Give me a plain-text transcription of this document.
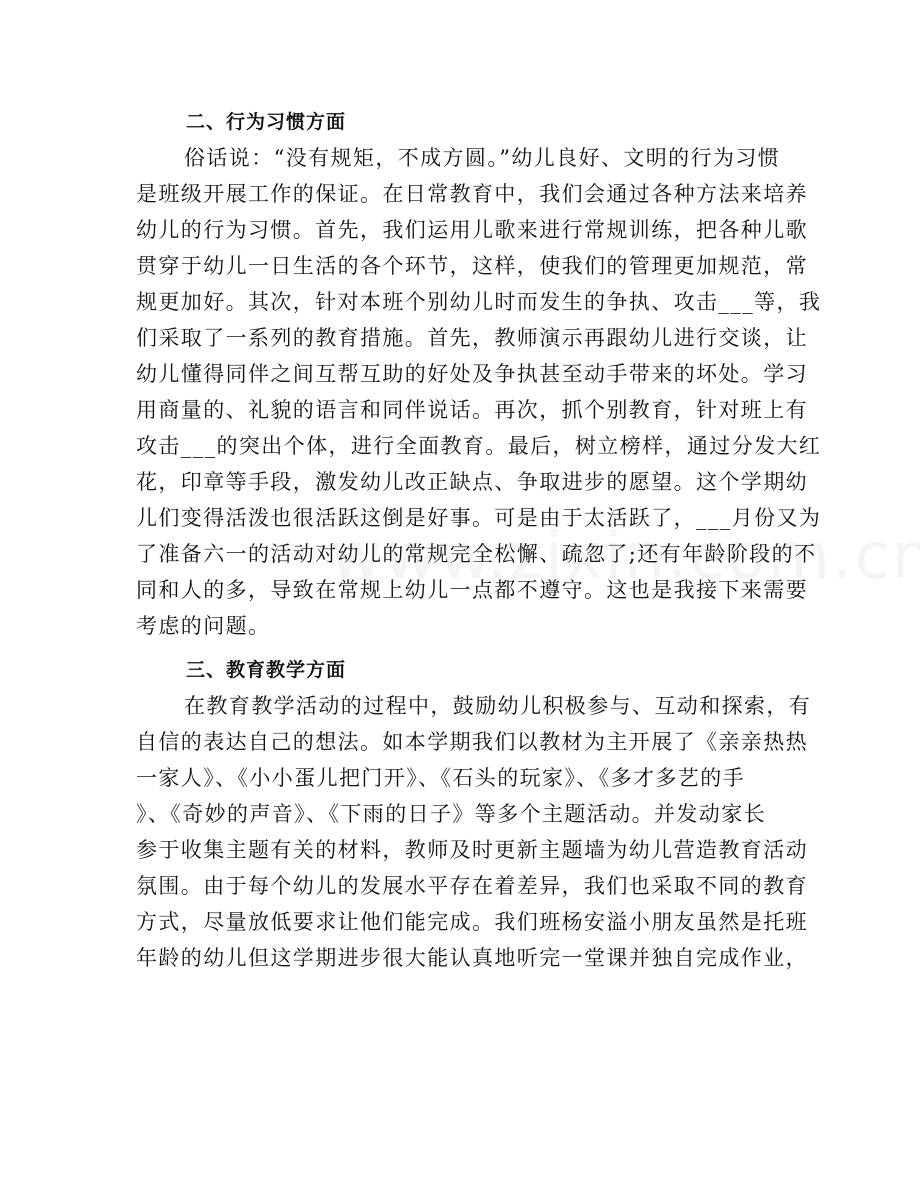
二、行为习惯方面
俗话说：“没有规矩，不成方圆。”幼儿良好、文明的行为习惯
是班级开展工作的保证。在日常教育中，我们会通过各种方法来培养
幼儿的行为习惯。首先，我们运用儿歌来进行常规训练，把各种儿歌
贯穿于幼儿一日生活的各个环节，这样，使我们的管理更加规范，常
规更加好。其次，针对本班个别幼儿时而发生的争执、攻击___等，我
们采取了一系列的教育措施。首先，教师演示再跟幼儿进行交谈，让
幼儿懂得同伴之间互帮互助的好处及争执甚至动手带来的坏处。学习
用商量的、礼貌的语言和同伴说话。再次，抓个别教育，针对班上有
攻击___的突出个体，进行全面教育。最后，树立榜样，通过分发大红
花，印章等手段，激发幼儿改正缺点、争取进步的愿望。这个学期幼
儿们变得活泼也很活跃这倒是好事。可是由于太活跃了，___月份又为
了准备六一的活动对幼儿的常规完全松懈、疏忽了;还有年龄阶段的不
同和人的多，导致在常规上幼儿一点都不遵守。这也是我接下来需要
考虑的问题。
三、教育教学方面
在教育教学活动的过程中，鼓励幼儿积极参与、互动和探索，有
自信的表达自己的想法。如本学期我们以教材为主开展了《亲亲热热
一家人》、《小小蛋儿把门开》、《石头的玩家》、《多才多艺的手
》、《奇妙的声音》、《下雨的日子》等多个主题活动。并发动家长
参于收集主题有关的材料，教师及时更新主题墙为幼儿营造教育活动
氛围。由于每个幼儿的发展水平存在着差异，我们也采取不同的教育
方式，尽量放低要求让他们能完成。我们班杨安溢小朋友虽然是托班
年龄的幼儿但这学期进步很大能认真地听完一堂课并独自完成作业，
